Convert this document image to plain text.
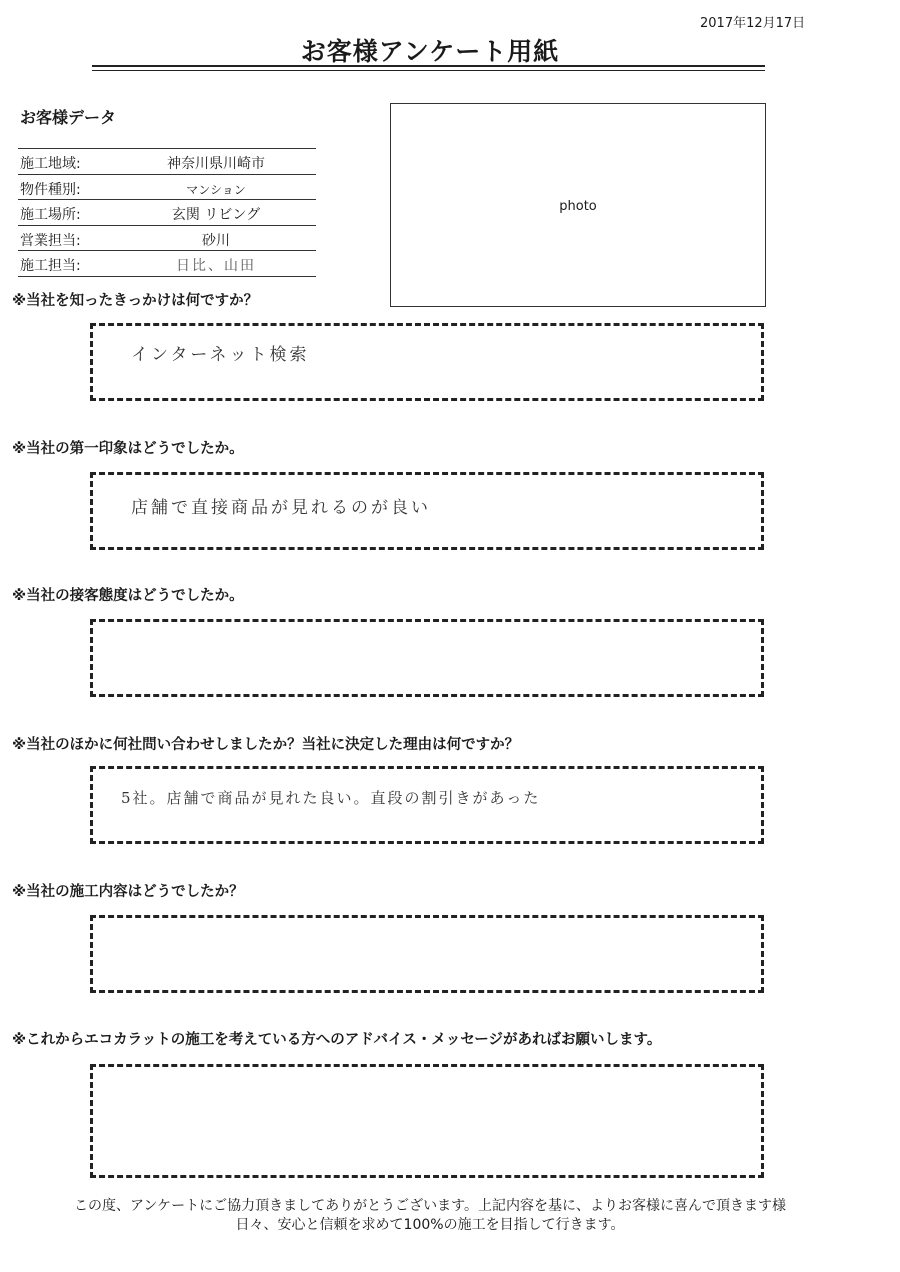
2017年12月17日
お客様アンケート用紙
お客様データ
施工地域:	神奈川県川崎市
物件種別:	マンション
施工場所:	玄関 リビング
営業担当:	砂川
施工担当:	日比、山田
photo
※当社を知ったきっかけは何ですか？
インターネット検索
※当社の第一印象はどうでしたか。
店舗で直接商品が見れるのが良い
※当社の接客態度はどうでしたか。
※当社のほかに何社問い合わせしましたか？当社に決定した理由は何ですか？
5社。店舗で商品が見れた良い。直段の割引きがあった
※当社の施工内容はどうでしたか？
※これからエコカラットの施工を考えている方へのアドバイス・メッセージがあればお願いします。
この度、アンケートにご協力頂きましてありがとうございます。上記内容を基に、よりお客様に喜んで頂きます様
日々、安心と信頼を求めて100%の施工を目指して行きます。
